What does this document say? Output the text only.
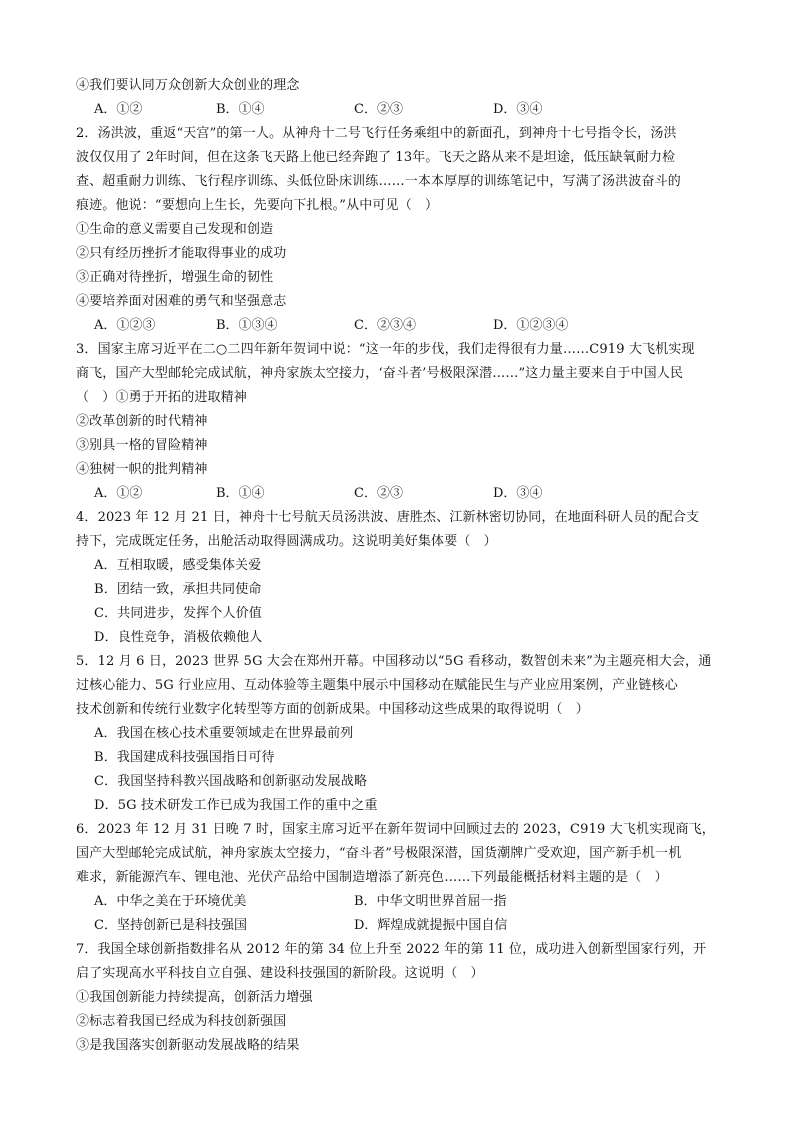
④我们要认同万众创新大众创业的理念
A．①②	B．①④	C．②③	D．③④
2．汤洪波，重返“天宫”的第一人。从神舟十二号飞行任务乘组中的新面孔，到神舟十七号指令长，汤洪
波仅仅用了 2年时间，但在这条飞天路上他已经奔跑了 13年。飞天之路从来不是坦途，低压缺氧耐力检
查、超重耐力训练、飞行程序训练、头低位卧床训练……一本本厚厚的训练笔记中，写满了汤洪波奋斗的
痕迹。他说：“要想向上生长，先要向下扎根。”从中可见（　）
①生命的意义需要自己发现和创造
②只有经历挫折才能取得事业的成功
③正确对待挫折，增强生命的韧性
④要培养面对困难的勇气和坚强意志
A．①②③	B．①③④	C．②③④	D．①②③④
3．国家主席习近平在二○二四年新年贺词中说：“这一年的步伐，我们走得很有力量……C919 大飞机实现
商飞，国产大型邮轮完成试航，神舟家族太空接力，‘奋斗者’号极限深潜……”这力量主要来自于中国人民
（　）①勇于开拓的进取精神
②改革创新的时代精神
③别具一格的冒险精神
④独树一帜的批判精神
A．①②	B．①④	C．②③	D．③④
4．2023 年 12 月 21 日，神舟十七号航天员汤洪波、唐胜杰、江新林密切协同，在地面科研人员的配合支
持下，完成既定任务，出舱活动取得圆满成功。这说明美好集体要（　）
A．互相取暖，感受集体关爱
B．团结一致，承担共同使命
C．共同进步，发挥个人价值
D．良性竞争，消极依赖他人
5．12 月 6 日，2023 世界 5G 大会在郑州开幕。中国移动以“5G 看移动，数智创未来”为主题亮相大会，通
过核心能力、5G 行业应用、互动体验等主题集中展示中国移动在赋能民生与产业应用案例，产业链核心
技术创新和传统行业数字化转型等方面的创新成果。中国移动这些成果的取得说明（　）
A．我国在核心技术重要领域走在世界最前列
B．我国建成科技强国指日可待
C．我国坚持科教兴国战略和创新驱动发展战略
D．5G 技术研发工作已成为我国工作的重中之重
6．2023 年 12 月 31 日晚 7 时，国家主席习近平在新年贺词中回顾过去的 2023，C919 大飞机实现商飞，
国产大型邮轮完成试航，神舟家族太空接力，“奋斗者”号极限深潜，国货潮牌广受欢迎，国产新手机一机
难求，新能源汽车、锂电池、光伏产品给中国制造增添了新亮色……下列最能概括材料主题的是（　）
A．中华之美在于环境优美	B．中华文明世界首屈一指
C．坚持创新已是科技强国	D．辉煌成就提振中国自信
7．我国全球创新指数排名从 2012 年的第 34 位上升至 2022 年的第 11 位，成功进入创新型国家行列，开
启了实现高水平科技自立自强、建设科技强国的新阶段。这说明（　）
①我国创新能力持续提高，创新活力增强
②标志着我国已经成为科技创新强国
③是我国落实创新驱动发展战略的结果
